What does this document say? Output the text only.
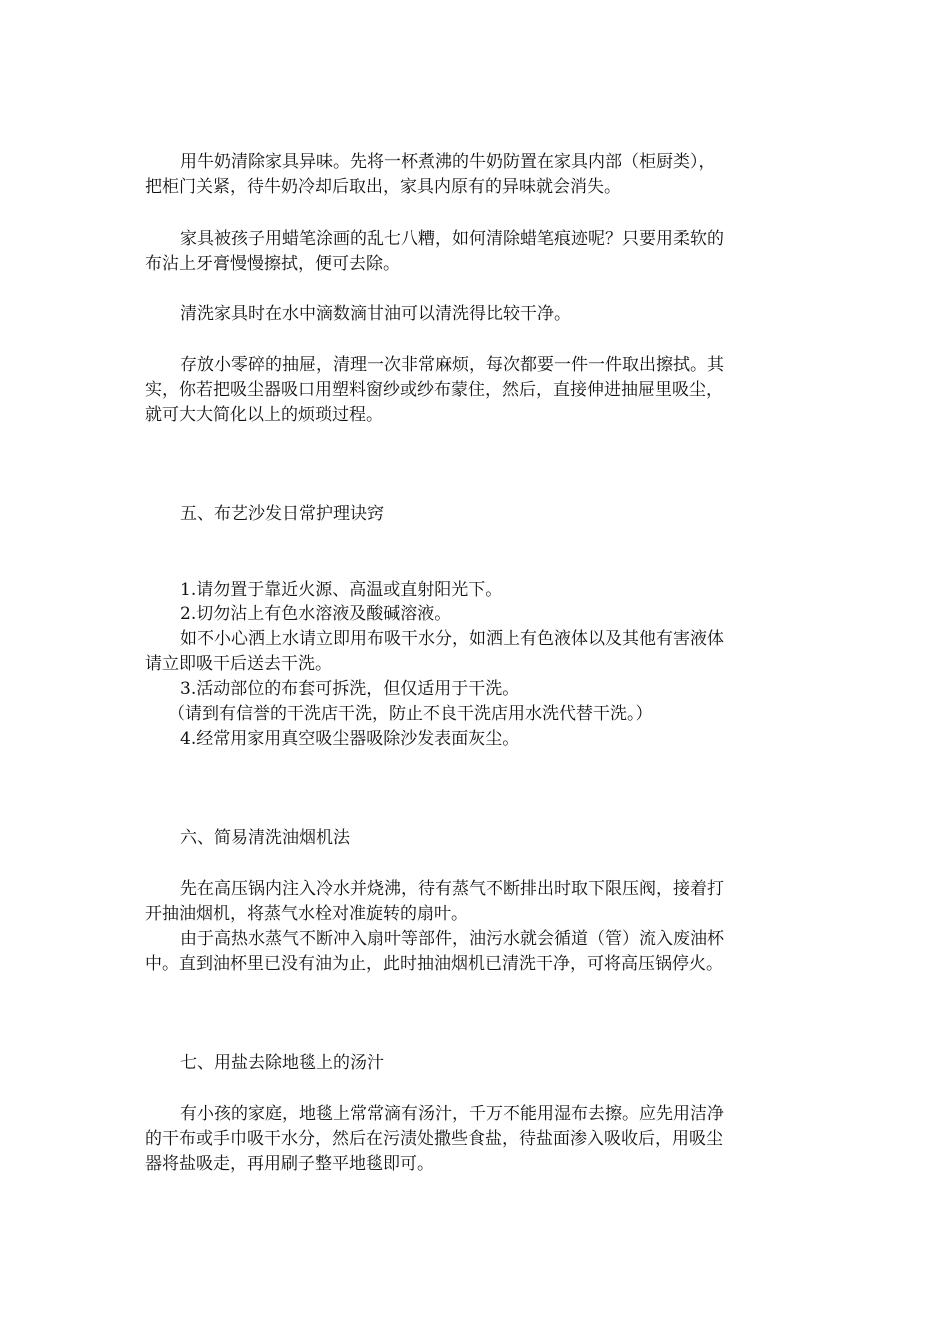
用牛奶清除家具异味。先将一杯煮沸的牛奶防置在家具内部（柜厨类），
把柜门关紧，待牛奶冷却后取出，家具内原有的异味就会消失。
家具被孩子用蜡笔涂画的乱七八糟，如何清除蜡笔痕迹呢？只要用柔软的
布沾上牙膏慢慢擦拭，便可去除。
清洗家具时在水中滴数滴甘油可以清洗得比较干净。
存放小零碎的抽屉，清理一次非常麻烦，每次都要一件一件取出擦拭。其
实，你若把吸尘器吸口用塑料窗纱或纱布蒙住，然后，直接伸进抽屉里吸尘，
就可大大简化以上的烦琐过程。
五、布艺沙发日常护理诀窍
1.请勿置于靠近火源、高温或直射阳光下。
2.切勿沾上有色水溶液及酸碱溶液。
如不小心洒上水请立即用布吸干水分，如洒上有色液体以及其他有害液体
请立即吸干后送去干洗。
3.活动部位的布套可拆洗，但仅适用于干洗。
（请到有信誉的干洗店干洗，防止不良干洗店用水洗代替干洗。）
4.经常用家用真空吸尘器吸除沙发表面灰尘。
六、简易清洗油烟机法
先在高压锅内注入冷水并烧沸，待有蒸气不断排出时取下限压阀，接着打
开抽油烟机，将蒸气水栓对准旋转的扇叶。
由于高热水蒸气不断冲入扇叶等部件，油污水就会循道（管）流入废油杯
中。直到油杯里已没有油为止，此时抽油烟机已清洗干净，可将高压锅停火。
七、用盐去除地毯上的汤汁
有小孩的家庭，地毯上常常滴有汤汁，千万不能用湿布去擦。应先用洁净
的干布或手巾吸干水分，然后在污渍处撒些食盐，待盐面渗入吸收后，用吸尘
器将盐吸走，再用刷子整平地毯即可。
